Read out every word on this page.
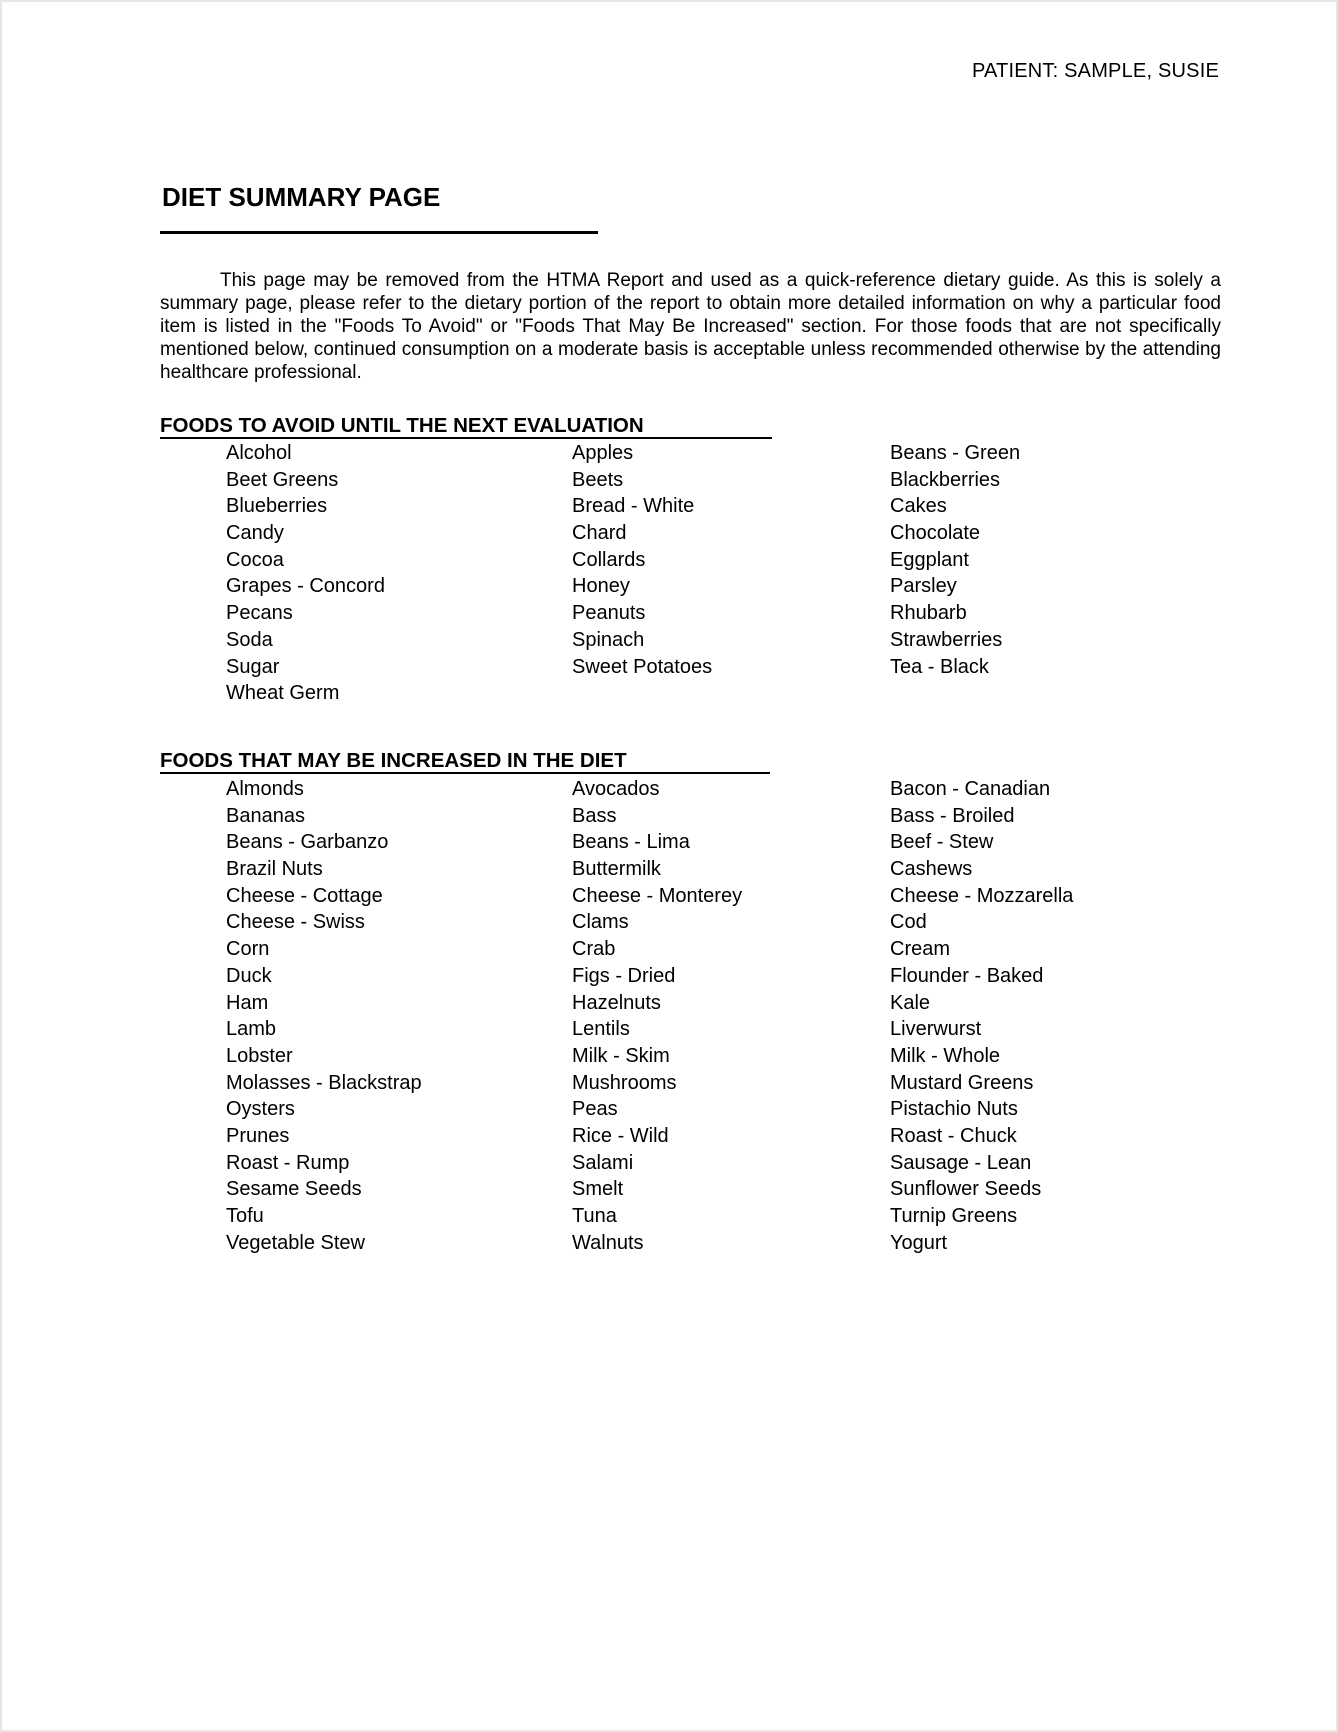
PATIENT: SAMPLE, SUSIE
DIET SUMMARY PAGE

This page may be removed from the HTMA Report and used as a quick-reference dietary guide. As this is solely a summary page, please refer to the dietary portion of the report to obtain more detailed information on why a particular food item is listed in the "Foods To Avoid" or "Foods That May Be Increased" section. For those foods that are not specifically mentioned below, continued consumption on a moderate basis is acceptable unless recommended otherwise by the attending healthcare professional.

FOODS TO AVOID UNTIL THE NEXT EVALUATION
Alcohol	Apples	Beans - Green
Beet Greens	Beets	Blackberries
Blueberries	Bread - White	Cakes
Candy	Chard	Chocolate
Cocoa	Collards	Eggplant
Grapes - Concord	Honey	Parsley
Pecans	Peanuts	Rhubarb
Soda	Spinach	Strawberries
Sugar	Sweet Potatoes	Tea - Black
Wheat Germ
FOODS THAT MAY BE INCREASED IN THE DIET
Almonds	Avocados	Bacon - Canadian
Bananas	Bass	Bass - Broiled
Beans - Garbanzo	Beans - Lima	Beef - Stew
Brazil Nuts	Buttermilk	Cashews
Cheese - Cottage	Cheese - Monterey	Cheese - Mozzarella
Cheese - Swiss	Clams	Cod
Corn	Crab	Cream
Duck	Figs - Dried	Flounder - Baked
Ham	Hazelnuts	Kale
Lamb	Lentils	Liverwurst
Lobster	Milk - Skim	Milk - Whole
Molasses - Blackstrap	Mushrooms	Mustard Greens
Oysters	Peas	Pistachio Nuts
Prunes	Rice - Wild	Roast - Chuck
Roast - Rump	Salami	Sausage - Lean
Sesame Seeds	Smelt	Sunflower Seeds
Tofu	Tuna	Turnip Greens
Vegetable Stew	Walnuts	Yogurt
